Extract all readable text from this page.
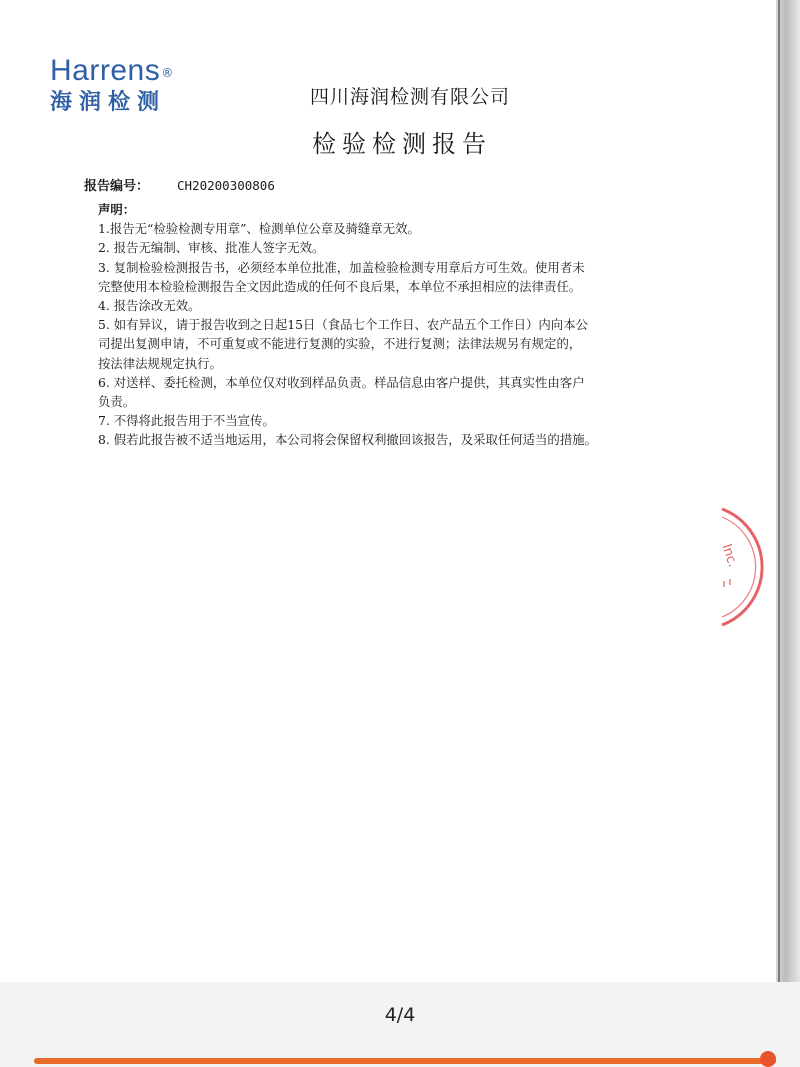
Harrens®
海润检测	四川海润检测有限公司
检验检测报告
报告编号： CH20200300806
声明：
1.报告无“检验检测专用章”、检测单位公章及骑缝章无效。
2. 报告无编制、审核、批准人签字无效。
3. 复制检验检测报告书，必须经本单位批准，加盖检验检测专用章后方可生效。使用者未
完整使用本检验检测报告全文因此造成的任何不良后果，本单位不承担相应的法律责任。
4. 报告涂改无效。
5. 如有异议，请于报告收到之日起15日（食品七个工作日、农产品五个工作日）内向本公
司提出复测申请，不可重复或不能进行复测的实验，不进行复测；法律法规另有规定的，
按法律法规规定执行。
6. 对送样、委托检测，本单位仅对收到样品负责。样品信息由客户提供，其真实性由客户
负责。
7. 不得将此报告用于不当宣传。
8. 假若此报告被不适当地运用，本公司将会保留权利撤回该报告，及采取任何适当的措施。
Inc.
4/4
